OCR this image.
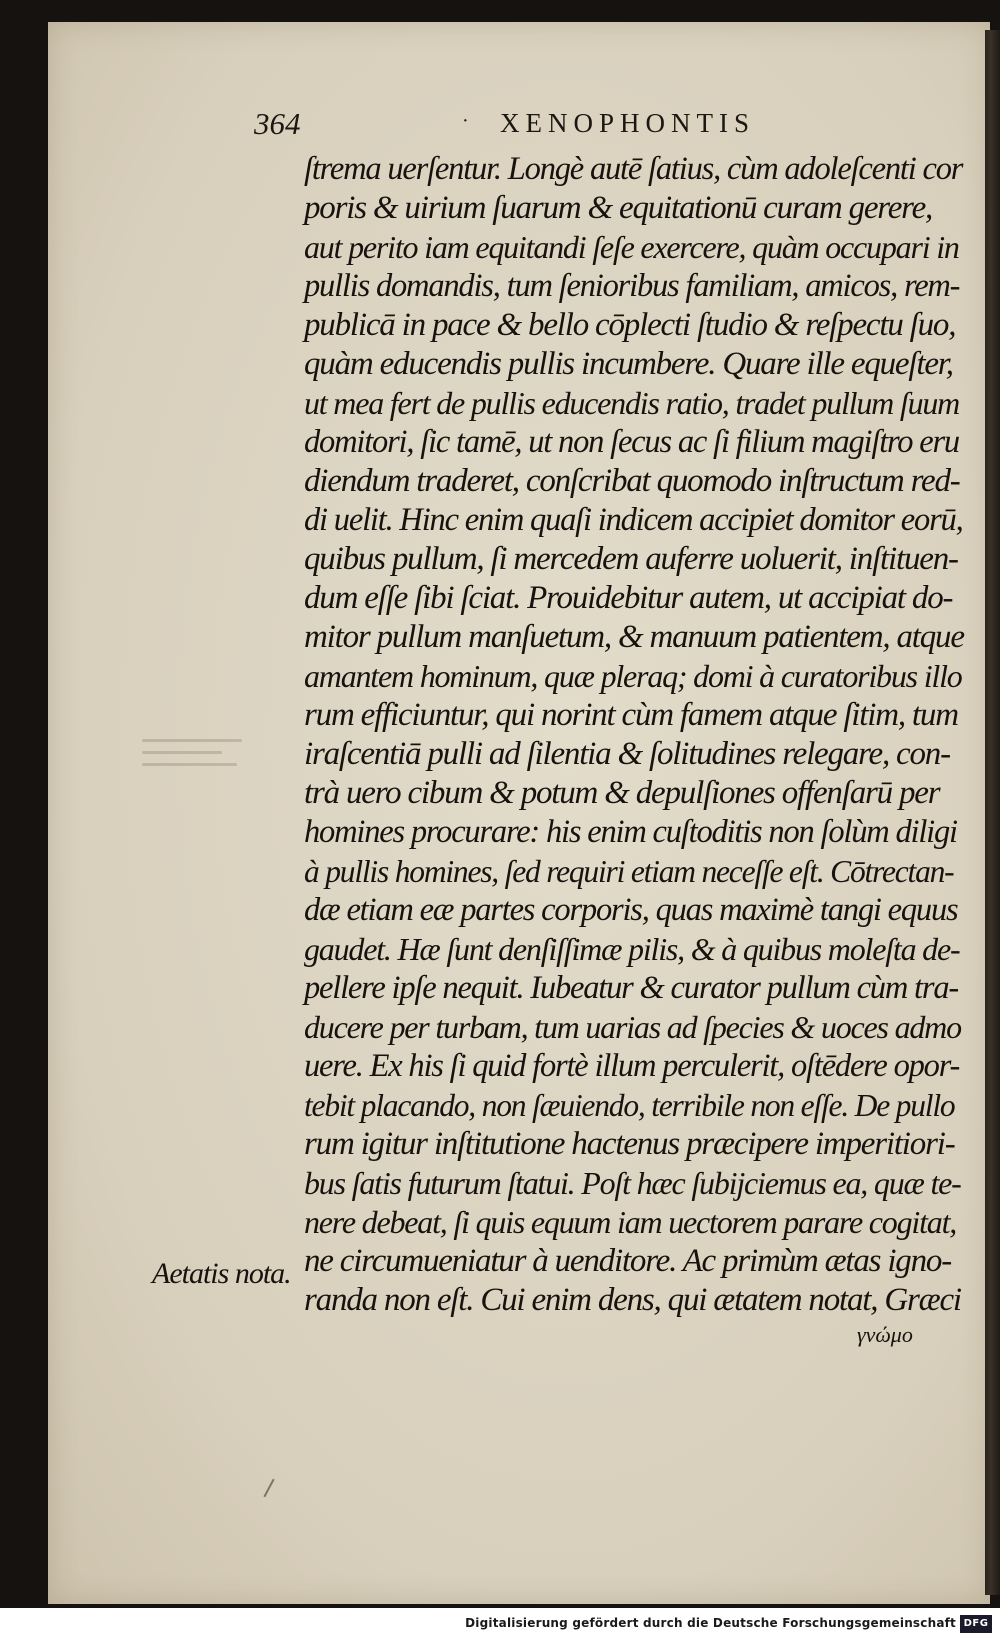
364	· XENOPHONTIS
ſtrema uerſentur. Longè autē ſatius, cùm adoleſcenti cor
poris & uirium ſuarum & equitationū curam gerere,
aut perito iam equitandi ſeſe exercere, quàm occupari in
pullis domandis, tum ſenioribus familiam, amicos, rem-
publicā in pace & bello cōplecti ſtudio & reſpectu ſuo,
quàm educendis pullis incumbere. Quare ille equeſter,
ut mea fert de pullis educendis ratio, tradet pullum ſuum
domitori, ſic tamē, ut non ſecus ac ſi filium magiſtro eru
diendum traderet, conſcribat quomodo inſtructum red-
di uelit. Hinc enim quaſi indicem accipiet domitor eorū,
quibus pullum, ſi mercedem auferre uoluerit, inſtituen-
dum eſſe ſibi ſciat. Prouidebitur autem, ut accipiat do-
mitor pullum manſuetum, & manuum patientem, atque
amantem hominum, quæ pleraq; domi à curatoribus illo
rum efficiuntur, qui norint cùm famem atque ſitim, tum
iraſcentiā pulli ad ſilentia & ſolitudines relegare, con-
trà uero cibum & potum & depulſiones offenſarū per
homines procurare: his enim cuſtoditis non ſolùm diligi
à pullis homines, ſed requiri etiam neceſſe eſt. Cōtrectan-
dæ etiam eæ partes corporis, quas maximè tangi equus
gaudet. Hæ ſunt denſiſſimæ pilis, & à quibus moleſta de-
pellere ipſe nequit. Iubeatur & curator pullum cùm tra-
ducere per turbam, tum uarias ad ſpecies & uoces admo
uere. Ex his ſi quid fortè illum perculerit, oſtēdere opor-
tebit placando, non ſæuiendo, terribile non eſſe. De pullo
rum igitur inſtitutione hactenus præcipere imperitiori-
bus ſatis futurum ſtatui. Poſt hæc ſubijciemus ea, quæ te-
nere debeat, ſi quis equum iam uectorem parare cogitat,
ne circumueniatur à uenditore. Ac primùm ætas igno-
randa non eſt. Cui enim dens, qui ætatem notat, Græci
Aetatis nota.
γνώμο
Digitalisierung gefördert durch die Deutsche Forschungsgemeinschaft DFG
